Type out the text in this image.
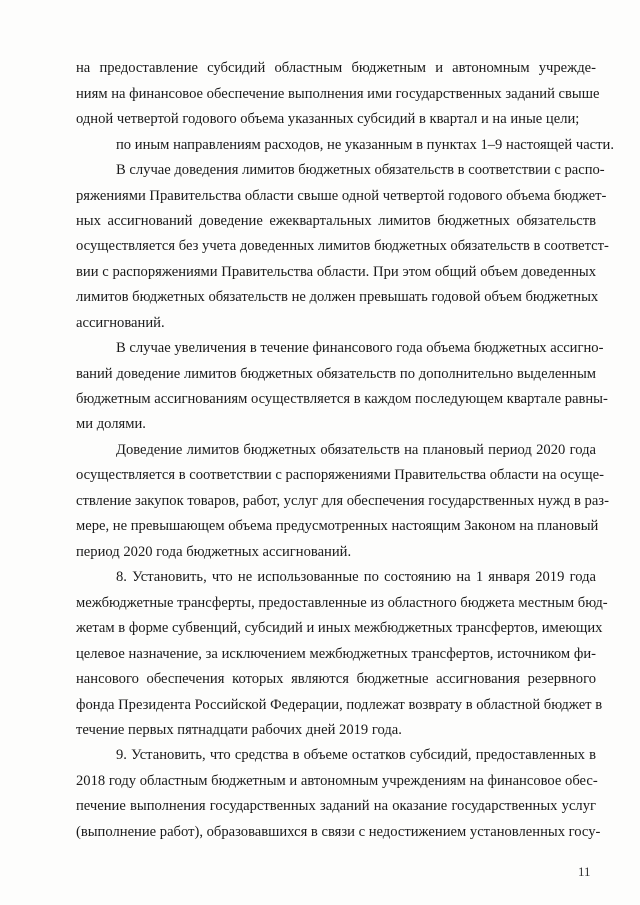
на предоставление субсидий областным бюджетным и автономным учрежде-
ниям на финансовое обеспечение выполнения ими государственных заданий свыше
одной четвертой годового объема указанных субсидий в квартал и на иные цели;
по иным направлениям расходов, не указанным в пунктах 1–9 настоящей части.
В случае доведения лимитов бюджетных обязательств в соответствии с распо-
ряжениями Правительства области свыше одной четвертой годового объема бюджет-
ных ассигнований доведение ежеквартальных лимитов бюджетных обязательств
осуществляется без учета доведенных лимитов бюджетных обязательств в соответст-
вии с распоряжениями Правительства области. При этом общий объем доведенных
лимитов бюджетных обязательств не должен превышать годовой объем бюджетных
ассигнований.
В случае увеличения в течение финансового года объема бюджетных ассигно-
ваний доведение лимитов бюджетных обязательств по дополнительно выделенным
бюджетным ассигнованиям осуществляется в каждом последующем квартале равны-
ми долями.
Доведение лимитов бюджетных обязательств на плановый период 2020 года
осуществляется в соответствии с распоряжениями Правительства области на осуще-
ствление закупок товаров, работ, услуг для обеспечения государственных нужд в раз-
мере, не превышающем объема предусмотренных настоящим Законом на плановый
период 2020 года бюджетных ассигнований.
8. Установить, что не использованные по состоянию на 1 января 2019 года
межбюджетные трансферты, предоставленные из областного бюджета местным бюд-
жетам в форме субвенций, субсидий и иных межбюджетных трансфертов, имеющих
целевое назначение, за исключением межбюджетных трансфертов, источником фи-
нансового обеспечения которых являются бюджетные ассигнования резервного
фонда Президента Российской Федерации, подлежат возврату в областной бюджет в
течение первых пятнадцати рабочих дней 2019 года.
9. Установить, что средства в объеме остатков субсидий, предоставленных в
2018 году областным бюджетным и автономным учреждениям на финансовое обес-
печение выполнения государственных заданий на оказание государственных услуг
(выполнение работ), образовавшихся в связи с недостижением установленных госу-
11
